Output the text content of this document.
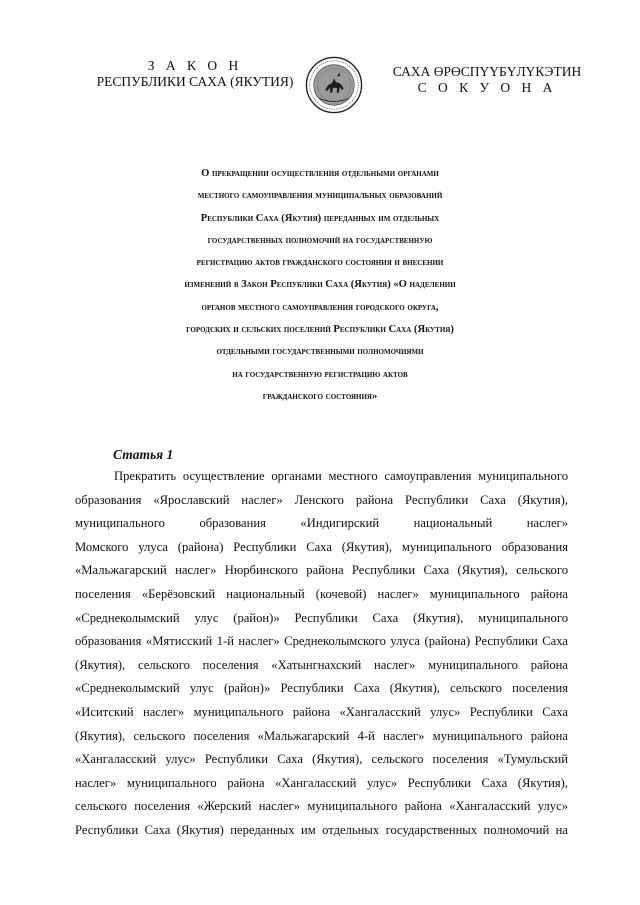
З А К О Н
РЕСПУБЛИКИ САХА (ЯКУТИЯ)
САХА ӨРӨСПҮҮБҮЛҮКЭТИН
С О К У О Н А
О прекращении осуществления отдельными органами
местного самоуправления муниципальных образований
Республики Саха (Якутия) переданных им отдельных
государственных полномочий на государственную
регистрацию актов гражданского состояния и внесении
изменений в Закон Республики Саха (Якутия) «О наделении
органов местного самоуправления городского округа,
городских и сельских поселений Республики Саха (Якутия)
отдельными государственными полномочиями
на государственную регистрацию актов
гражданского состояния»
Статья 1
Прекратить осуществление органами местного самоуправления муниципального
образования «Ярославский наслег» Ленского района Республики Саха (Якутия),
муниципального образования «Индигирский национальный наслег»
Момского улуса (района) Республики Саха (Якутия), муниципального образования
«Мальжагарский наслег» Нюрбинского района Республики Саха (Якутия), сельского
поселения «Берёзовский национальный (кочевой) наслег» муниципального района
«Среднеколымский улус (район)» Республики Саха (Якутия), муниципального
образования «Мятисский 1-й наслег» Среднеколымского улуса (района) Республики Саха
(Якутия), сельского поселения «Хатынгнахский наслег» муниципального района
«Среднеколымский улус (район)» Республики Саха (Якутия), сельского поселения
«Иситский наслег» муниципального района «Хангаласский улус» Республики Саха
(Якутия), сельского поселения «Мальжагарский 4-й наслег» муниципального района
«Хангаласский улус» Республики Саха (Якутия), сельского поселения «Тумульский
наслег» муниципального района «Хангаласский улус» Республики Саха (Якутия),
сельского поселения «Жерский наслег» муниципального района «Хангаласский улус»
Республики Саха (Якутия) переданных им отдельных государственных полномочий на
